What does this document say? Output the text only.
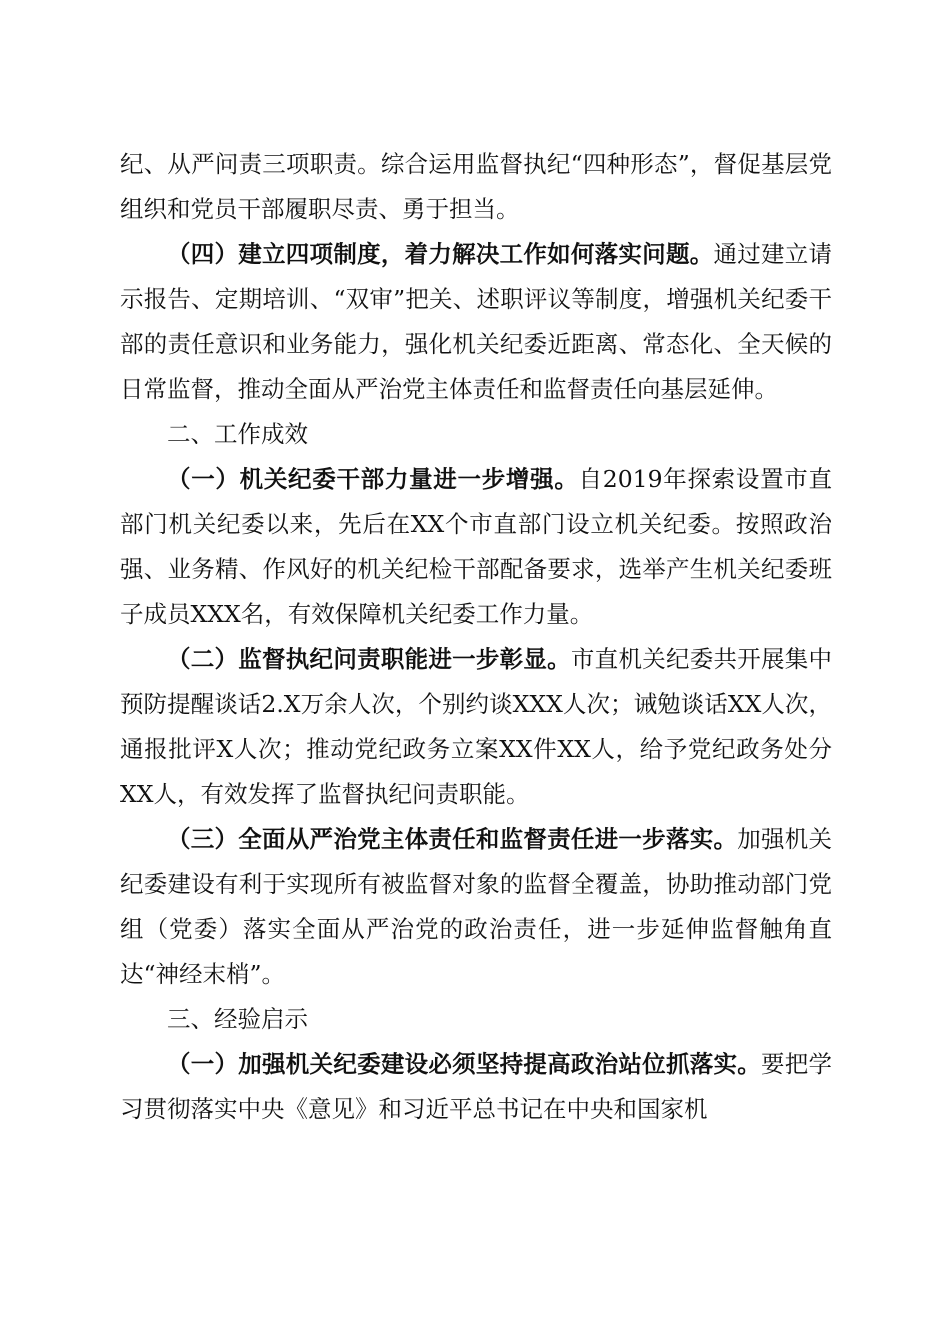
纪、从严问责三项职责。综合运用监督执纪“四种形态”，督促基层党组织和党员干部履职尽责、勇于担当。

（四）建立四项制度，着力解决工作如何落实问题。通过建立请示报告、定期培训、“双审”把关、述职评议等制度，增强机关纪委干部的责任意识和业务能力，强化机关纪委近距离、常态化、全天候的日常监督，推动全面从严治党主体责任和监督责任向基层延伸。

二、工作成效

（一）机关纪委干部力量进一步增强。自2019年探索设置市直部门机关纪委以来，先后在XX个市直部门设立机关纪委。按照政治强、业务精、作风好的机关纪检干部配备要求，选举产生机关纪委班子成员XXX名，有效保障机关纪委工作力量。

（二）监督执纪问责职能进一步彰显。市直机关纪委共开展集中预防提醒谈话2.X万余人次，个别约谈XXX人次；诫勉谈话XX人次，通报批评X人次；推动党纪政务立案XX件XX人，给予党纪政务处分XX人，有效发挥了监督执纪问责职能。

（三）全面从严治党主体责任和监督责任进一步落实。加强机关纪委建设有利于实现所有被监督对象的监督全覆盖，协助推动部门党组（党委）落实全面从严治党的政治责任，进一步延伸监督触角直达“神经末梢”。

三、经验启示

（一）加强机关纪委建设必须坚持提高政治站位抓落实。要把学习贯彻落实中央《意见》和习近平总书记在中央和国家机
